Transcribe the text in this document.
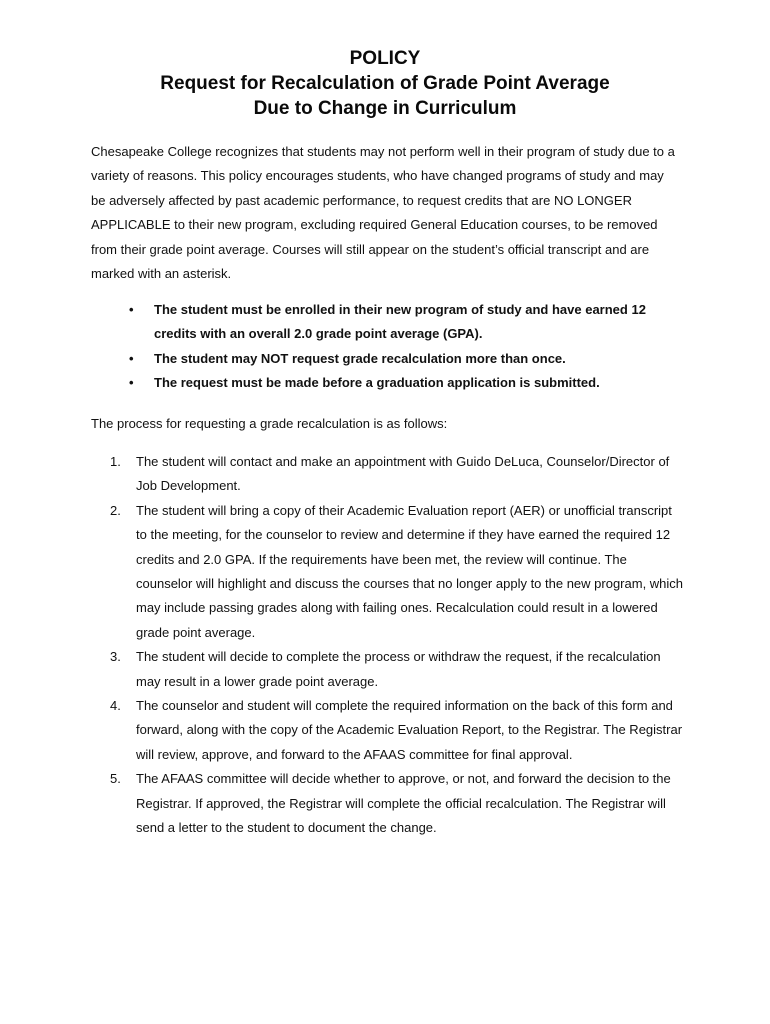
POLICY
Request for Recalculation of Grade Point Average
Due to Change in Curriculum

Chesapeake College recognizes that students may not perform well in their program of study due to a variety of reasons. This policy encourages students, who have changed programs of study and may be adversely affected by past academic performance, to request credits that are NO LONGER APPLICABLE to their new program, excluding required General Education courses, to be removed from their grade point average. Courses will still appear on the student’s official transcript and are marked with an asterisk.

• The student must be enrolled in their new program of study and have earned 12 credits with an overall 2.0 grade point average (GPA).
• The student may NOT request grade recalculation more than once.
• The request must be made before a graduation application is submitted.

The process for requesting a grade recalculation is as follows:

1. The student will contact and make an appointment with Guido DeLuca, Counselor/Director of Job Development.
2. The student will bring a copy of their Academic Evaluation report (AER) or unofficial transcript to the meeting, for the counselor to review and determine if they have earned the required 12 credits and 2.0 GPA. If the requirements have been met, the review will continue. The counselor will highlight and discuss the courses that no longer apply to the new program, which may include passing grades along with failing ones. Recalculation could result in a lowered grade point average.
3. The student will decide to complete the process or withdraw the request, if the recalculation may result in a lower grade point average.
4. The counselor and student will complete the required information on the back of this form and forward, along with the copy of the Academic Evaluation Report, to the Registrar. The Registrar will review, approve, and forward to the AFAAS committee for final approval.
5. The AFAAS committee will decide whether to approve, or not, and forward the decision to the Registrar. If approved, the Registrar will complete the official recalculation. The Registrar will send a letter to the student to document the change.
